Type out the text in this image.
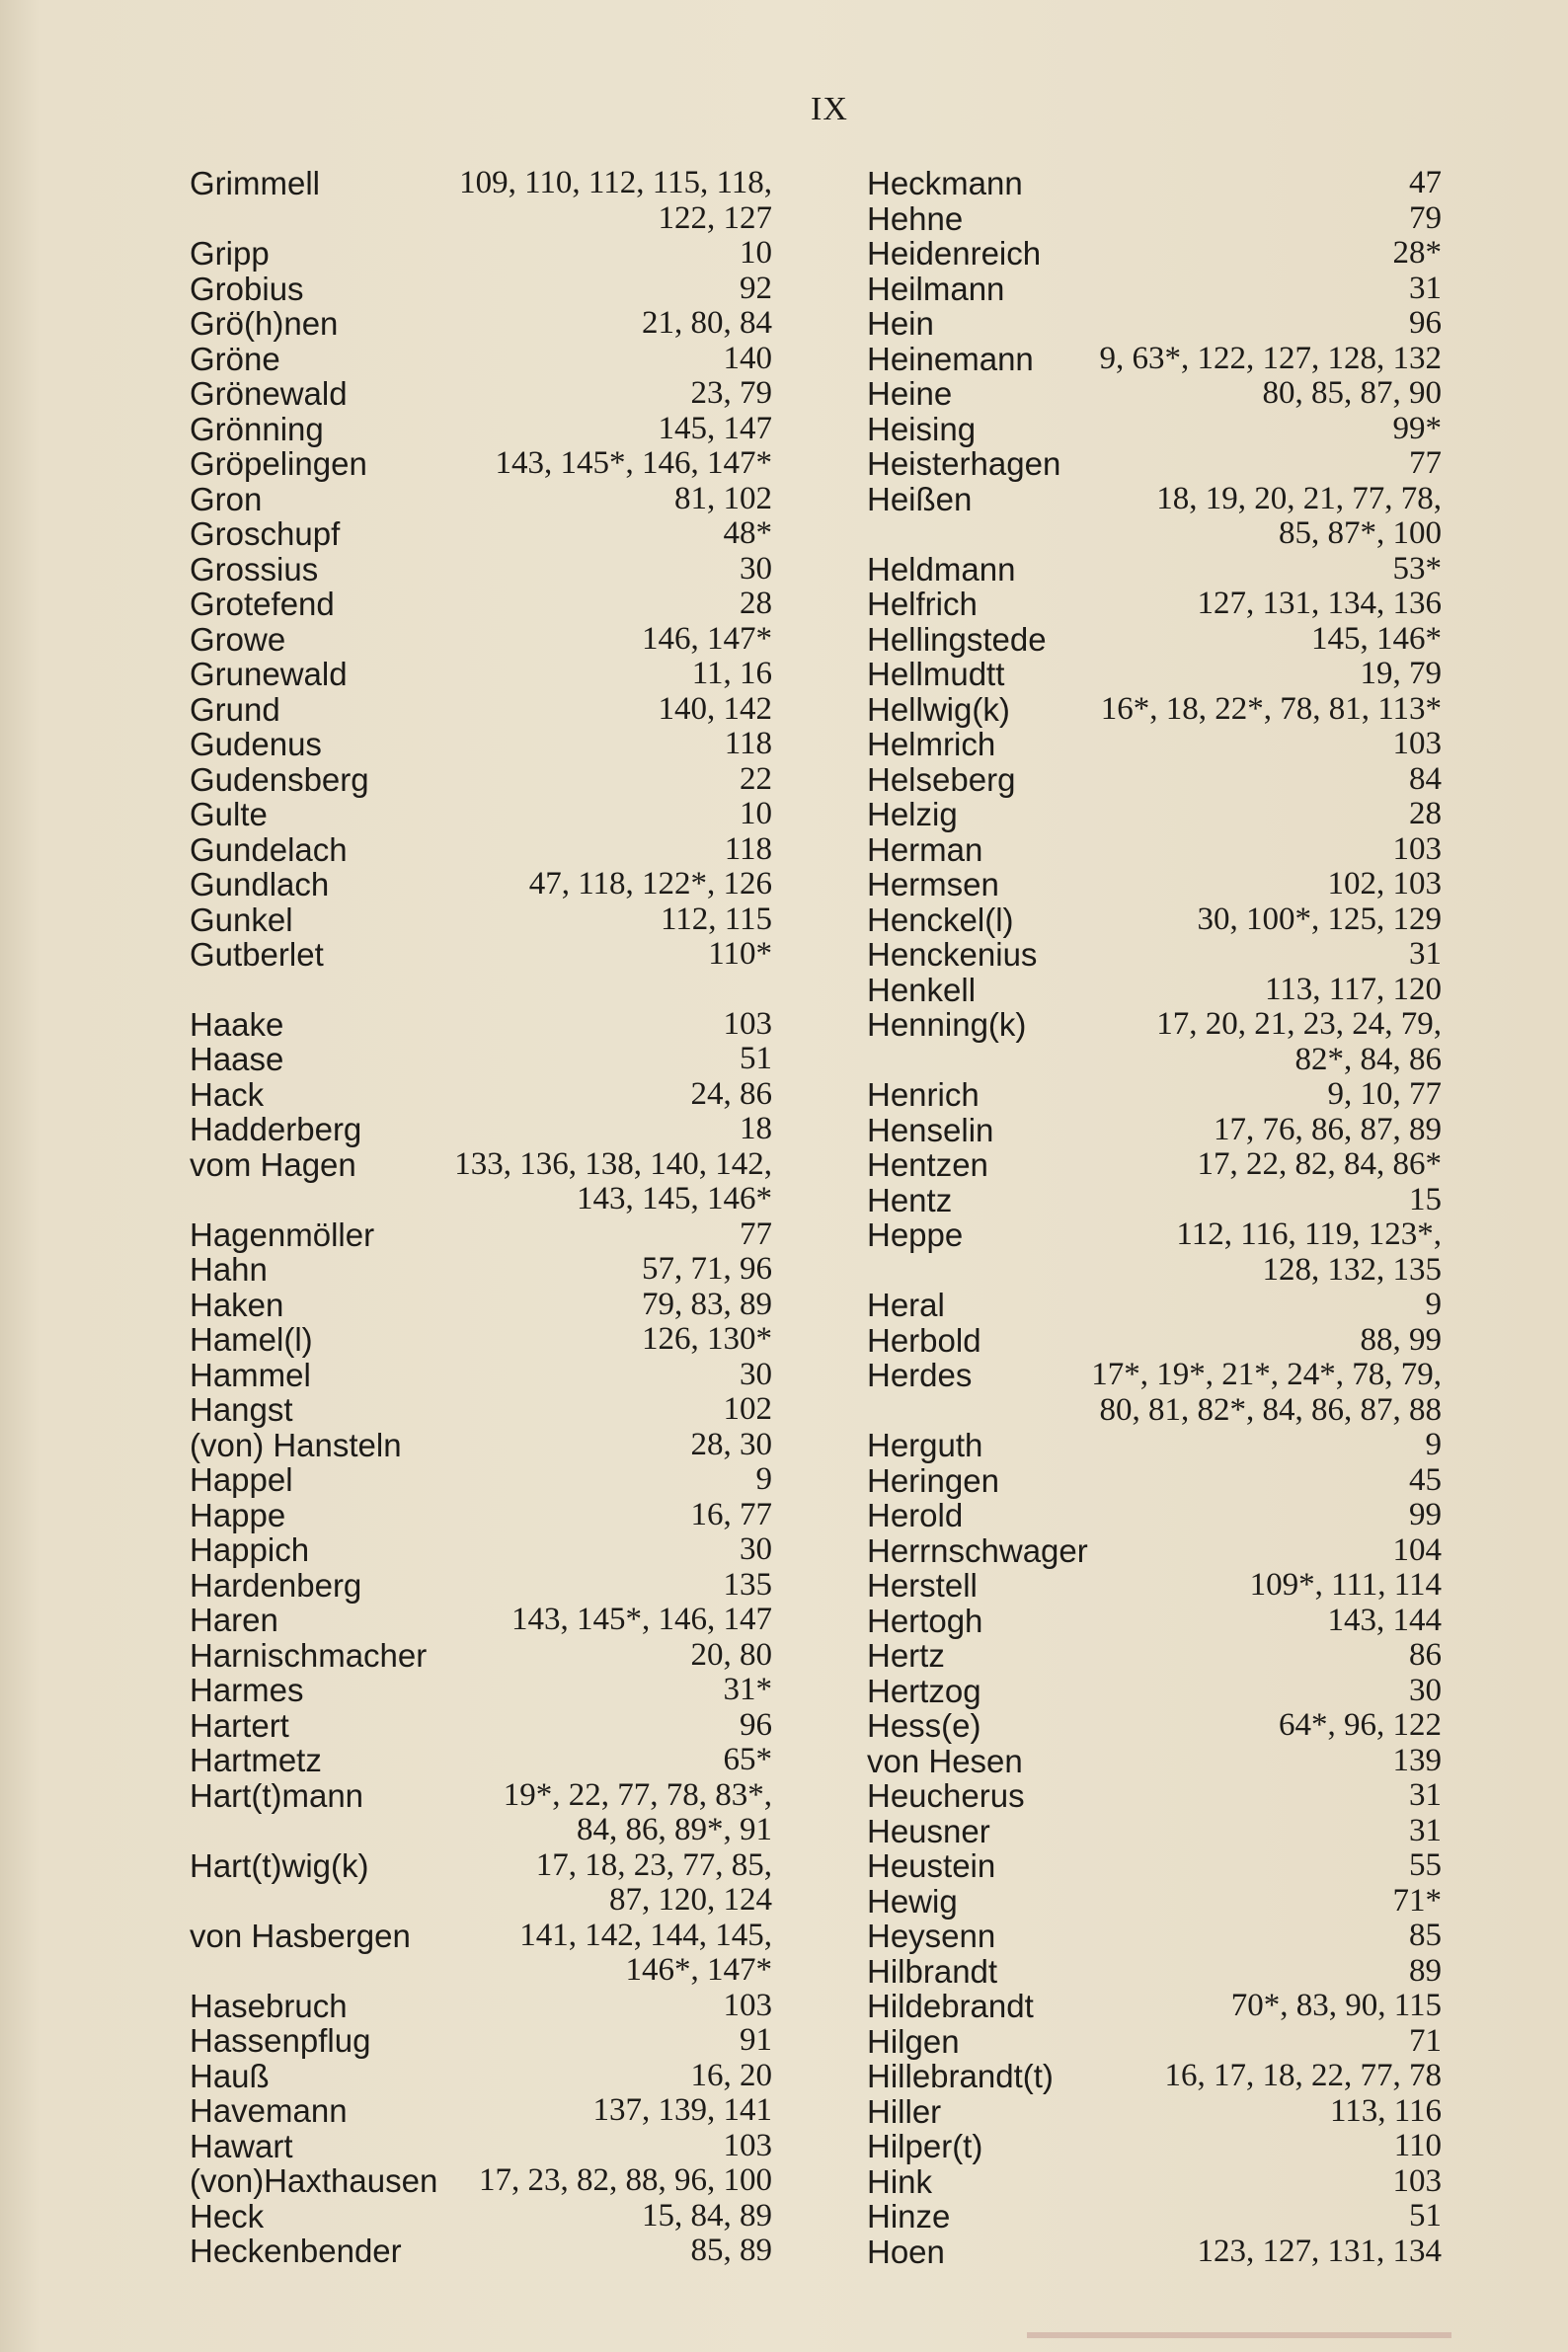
IX
Grimmell	109, 110, 112, 115, 118,
122, 127
Gripp	10
Grobius	92
Grö(h)nen	21, 80, 84
Gröne	140
Grönewald	23, 79
Grönning	145, 147
Gröpelingen	143, 145*, 146, 147*
Gron	81, 102
Groschupf	48*
Grossius	30
Grotefend	28
Growe	146, 147*
Grunewald	11, 16
Grund	140, 142
Gudenus	118
Gudensberg	22
Gulte	10
Gundelach	118
Gundlach	47, 118, 122*, 126
Gunkel	112, 115
Gutberlet	110*
Haake	103
Haase	51
Hack	24, 86
Hadderberg	18
vom Hagen	133, 136, 138, 140, 142,
143, 145, 146*
Hagenmöller	77
Hahn	57, 71, 96
Haken	79, 83, 89
Hamel(l)	126, 130*
Hammel	30
Hangst	102
(von) Hansteln	28, 30
Happel	9
Happe	16, 77
Happich	30
Hardenberg	135
Haren	143, 145*, 146, 147
Harnischmacher	20, 80
Harmes	31*
Hartert	96
Hartmetz	65*
Hart(t)mann	19*, 22, 77, 78, 83*,
84, 86, 89*, 91
Hart(t)wig(k)	17, 18, 23, 77, 85,
87, 120, 124
von Hasbergen	141, 142, 144, 145,
146*, 147*
Hasebruch	103
Hassenpflug	91
Hauß	16, 20
Havemann	137, 139, 141
Hawart	103
(von)Haxthausen 17, 23, 82, 88, 96, 100
Heck	15, 84, 89
Heckenbender	85, 89
Heckmann	47
Hehne	79
Heidenreich	28*
Heilmann	31
Hein	96
Heinemann 9, 63*, 122, 127, 128, 132
Heine	80, 85, 87, 90
Heising	99*
Heisterhagen	77
Heißen	18, 19, 20, 21, 77, 78,
85, 87*, 100
Heldmann	53*
Helfrich	127, 131, 134, 136
Hellingstede	145, 146*
Hellmudtt	19, 79
Hellwig(k)	16*, 18, 22*, 78, 81, 113*
Helmrich	103
Helseberg	84
Helzig	28
Herman	103
Hermsen	102, 103
Henckel(l)	30, 100*, 125, 129
Henckenius	31
Henkell	113, 117, 120
Henning(k)	17, 20, 21, 23, 24, 79,
82*, 84, 86
Henrich	9, 10, 77
Henselin	17, 76, 86, 87, 89
Hentzen	17, 22, 82, 84, 86*
Hentz	15
Heppe	112, 116, 119, 123*,
128, 132, 135
Heral	9
Herbold	88, 99
Herdes	17*, 19*, 21*, 24*, 78, 79,
80, 81, 82*, 84, 86, 87, 88
Herguth	9
Heringen	45
Herold	99
Herrnschwager	104
Herstell	109*, 111, 114
Hertogh	143, 144
Hertz	86
Hertzog	30
Hess(e)	64*, 96, 122
von Hesen	139
Heucherus	31
Heusner	31
Heustein	55
Hewig	71*
Heysenn	85
Hilbrandt	89
Hildebrandt	70*, 83, 90, 115
Hilgen	71
Hillebrandt(t)	16, 17, 18, 22, 77, 78
Hiller	113, 116
Hilper(t)	110
Hink	103
Hinze	51
Hoen	123, 127, 131, 134
